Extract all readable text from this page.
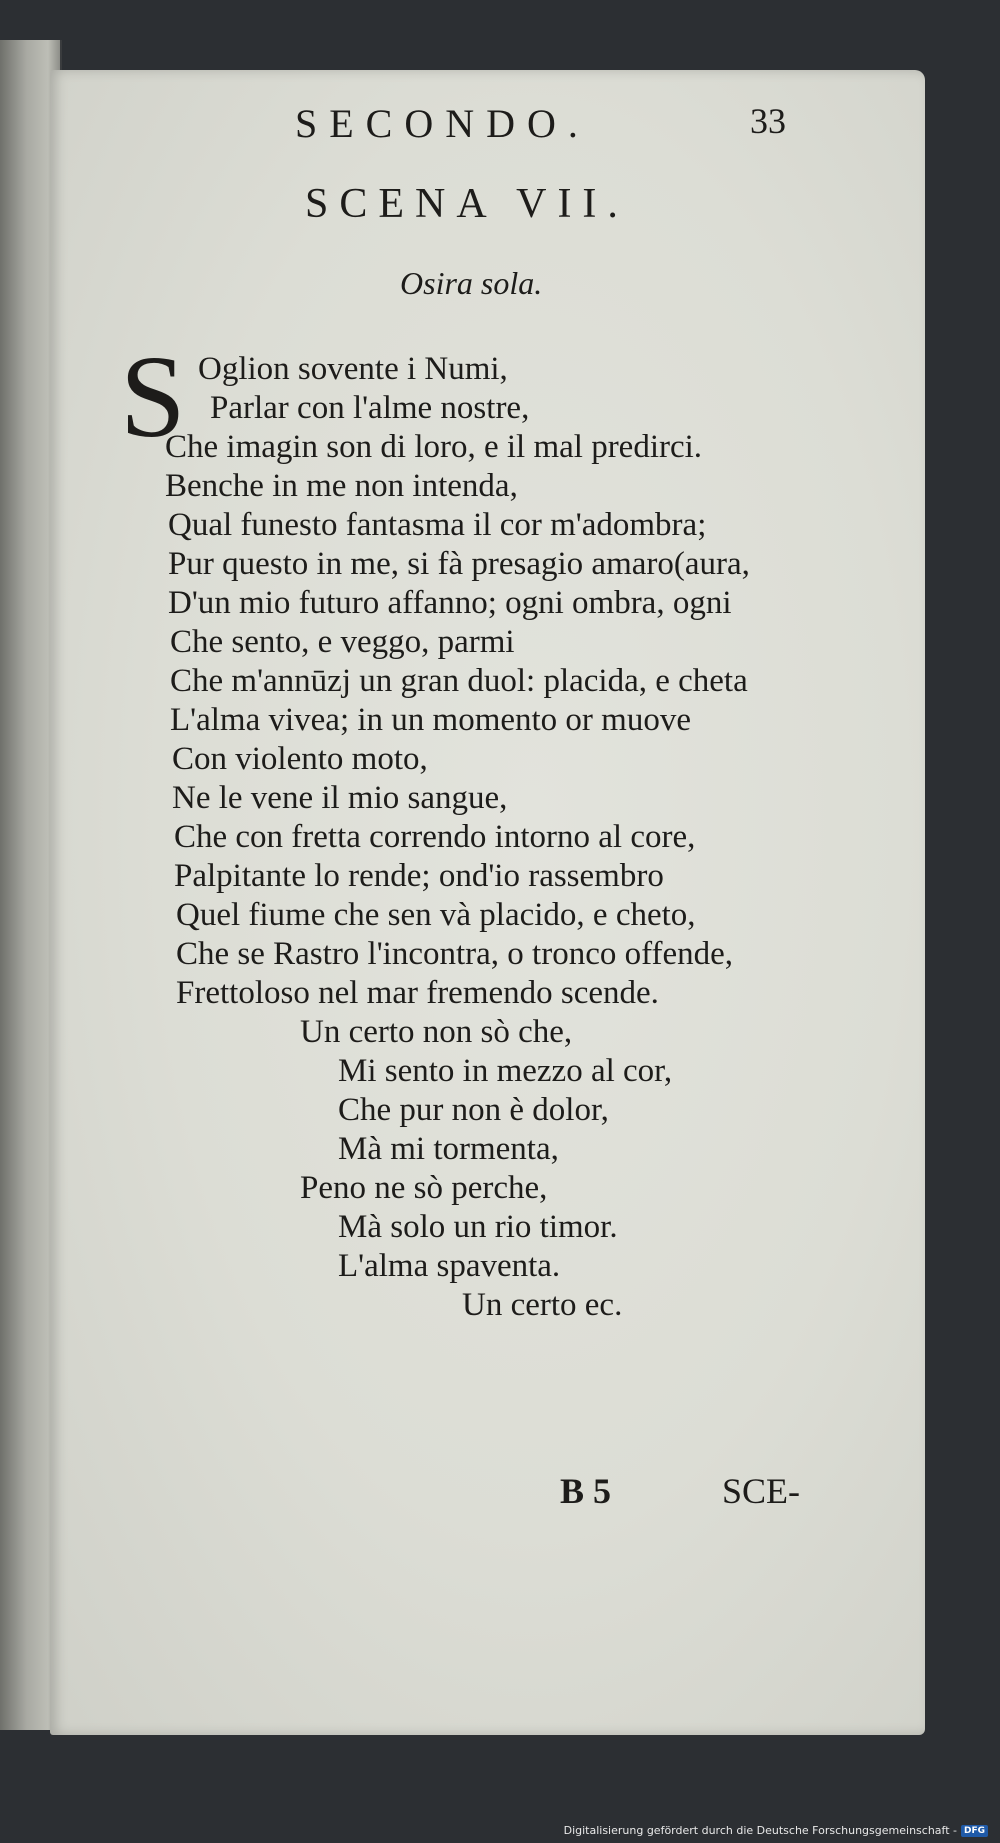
SECONDO.	33
SCENA VII.
Osira sola.
S Oglion sovente i Numi,
Parlar con l'alme nostre,
Che imagin son di loro, e il mal predirci.
Benche in me non intenda,
Qual funesto fantasma il cor m'adombra;
Pur questo in me, si fà presagio amaro(aura,
D'un mio futuro affanno; ogni ombra, ogni
Che sento, e veggo, parmi
Che m'annūzj un gran duol: placida, e cheta
L'alma vivea; in un momento or muove
Con violento moto,
Ne le vene il mio sangue,
Che con fretta correndo intorno al core,
Palpitante lo rende; ond'io rassembro
Quel fiume che sen và placido, e cheto,
Che se Rastro l'incontra, o tronco offende,
Frettoloso nel mar fremendo scende.
Un certo non sò che,
Mi sento in mezzo al cor,
Che pur non è dolor,
Mà mi tormenta,
Peno ne sò perche,
Mà solo un rio timor.
L'alma spaventa.
Un certo ec.
B 5	SCE-
Digitalisierung gefördert durch die Deutsche Forschungsgemeinschaft - DFG
